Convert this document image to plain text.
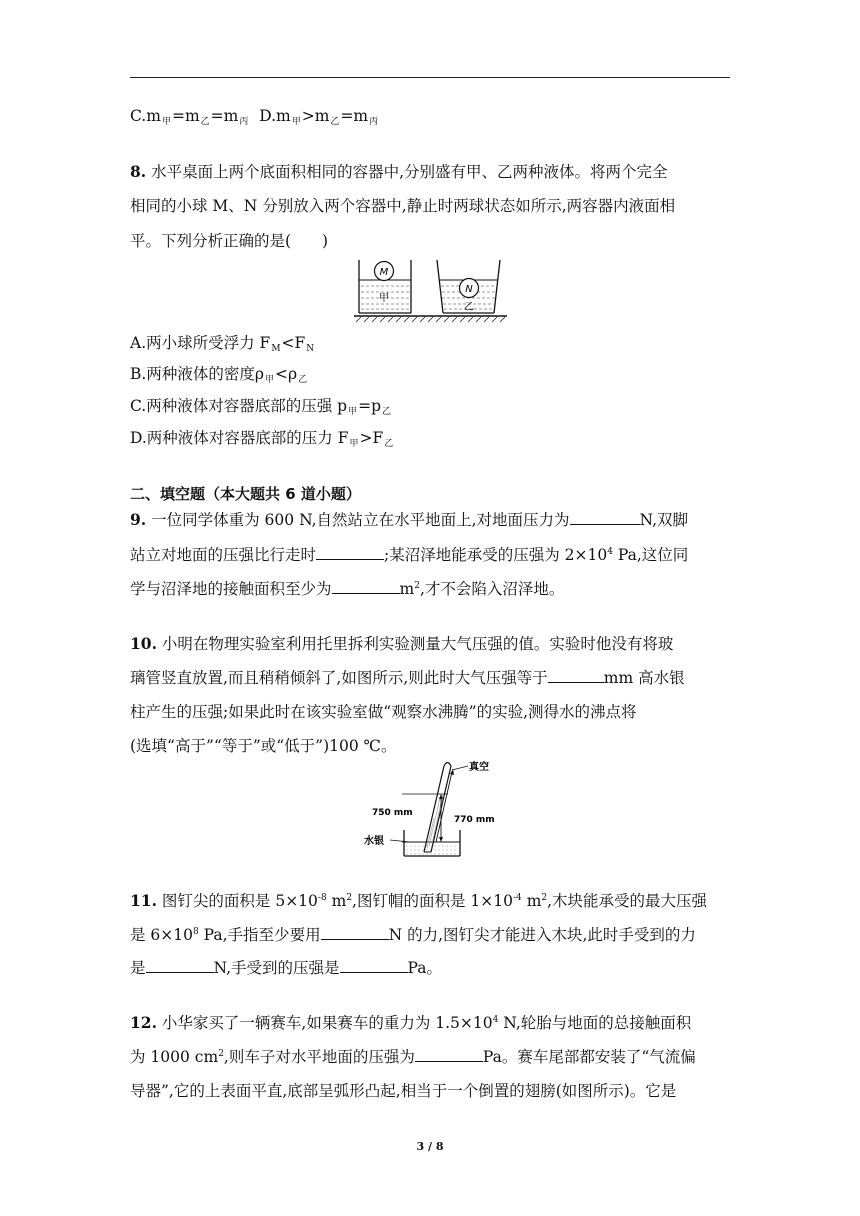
C.m甲=m乙=m丙 D.m甲>m乙=m丙
8. 水平桌面上两个底面积相同的容器中,分别盛有甲、乙两种液体。将两个完全
相同的小球 M、N 分别放入两个容器中,静止时两球状态如所示,两容器内液面相
平。下列分析正确的是(　　)
M
甲
N
乙
A.两小球所受浮力 FM<FN
B.两种液体的密度ρ甲<ρ乙
C.两种液体对容器底部的压强 p甲=p乙
D.两种液体对容器底部的压力 F甲>F乙
二、填空题（本大题共 6 道小题）
9. 一位同学体重为 600 N,自然站立在水平地面上,对地面压力为	N,双脚
站立对地面的压强比行走时	;某沼泽地能承受的压强为 $2\times 10^4$ Pa,这位同
学与沼泽地的接触面积至少为	$m^2$,才不会陷入沼泽地。
10. 小明在物理实验室利用托里拆利实验测量大气压强的值。实验时他没有将玻
璃管竖直放置,而且稍稍倾斜了,如图所示,则此时大气压强等于	mm 高水银
柱产生的压强;如果此时在该实验室做“观察水沸腾”的实验,测得水的沸点将
(选填“高于”“等于”或“低于”)100 ℃。
真空
750 mm
770 mm
水银
11. 图钉尖的面积是 $5\times 10^{-8}$ $m^2$,图钉帽的面积是 $1\times 10^{-4}$ $m^2$,木块能承受的最大压强
是 $6\times 10^8$ Pa,手指至少要用	N 的力,图钉尖才能进入木块,此时手受到的力
是	N,手受到的压强是	Pa。
12. 小华家买了一辆赛车,如果赛车的重力为 $1.5\times 10^4$ N,轮胎与地面的总接触面积
为 1000 $cm^2$,则车子对水平地面的压强为	Pa。赛车尾部都安装了“气流偏
导器”,它的上表面平直,底部呈弧形凸起,相当于一个倒置的翅膀(如图所示)。它是
3 / 8
